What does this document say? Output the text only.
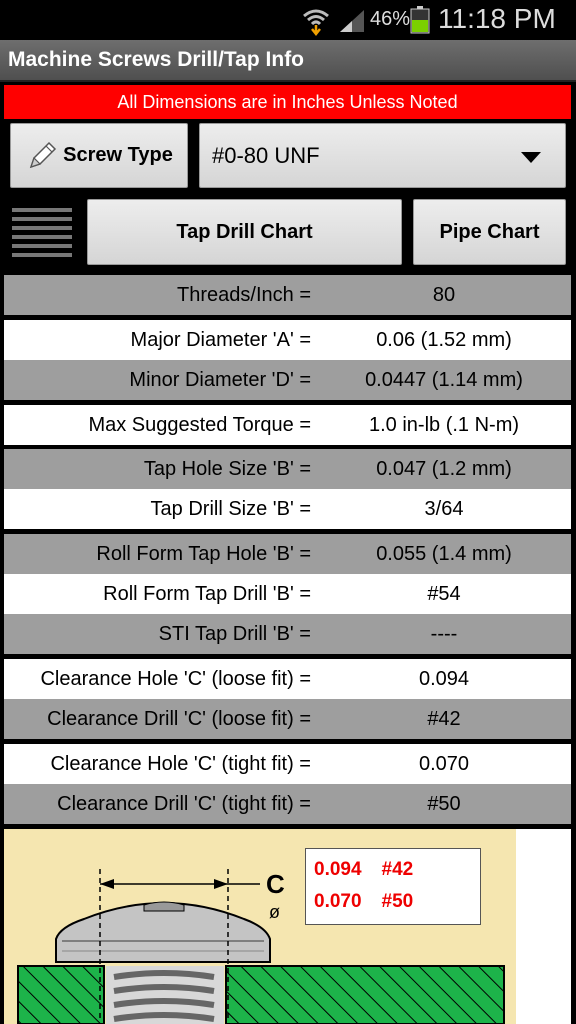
46% 11:18 PM
Machine Screws Drill/Tap Info
All Dimensions are in Inches Unless Noted
Screw Type #0-80 UNF
Tap Drill Chart	Pipe Chart
Threads/Inch =	80
Major Diameter 'A' =	0.06 (1.52 mm)
Minor Diameter 'D' =	0.0447 (1.14 mm)
Max Suggested Torque =	1.0 in-lb (.1 N-m)
Tap Hole Size 'B' =	0.047 (1.2 mm)
Tap Drill Size 'B' =	3/64
Roll Form Tap Hole 'B' =	0.055 (1.4 mm)
Roll Form Tap Drill 'B' =	#54
STI Tap Drill 'B' =	----
Clearance Hole 'C' (loose fit) =	0.094
Clearance Drill 'C' (loose fit) =	#42
Clearance Hole 'C' (tight fit) =	0.070
Clearance Drill 'C' (tight fit) =	#50
C
ø
0.094 #42
0.070 #50
